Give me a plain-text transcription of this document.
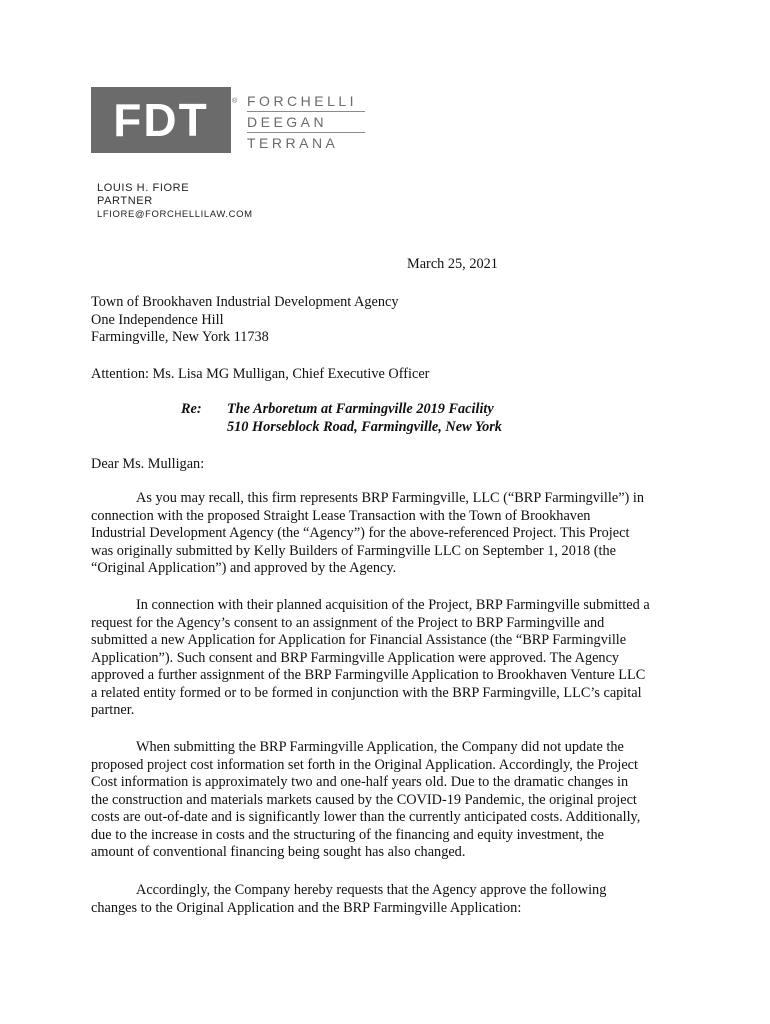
FDT	® FORCHELLI
DEEGAN
TERRANA
LOUIS H. FIORE
PARTNER
LFIORE@FORCHELLILAW.COM
March 25, 2021
Town of Brookhaven Industrial Development Agency
One Independence Hill
Farmingville, New York 11738
Attention: Ms. Lisa MG Mulligan, Chief Executive Officer
Re: The Arboretum at Farmingville 2019 Facility
510 Horseblock Road, Farmingville, New York
Dear Ms. Mulligan:
As you may recall, this firm represents BRP Farmingville, LLC (“BRP Farmingville”) in
connection with the proposed Straight Lease Transaction with the Town of Brookhaven
Industrial Development Agency (the “Agency”) for the above-referenced Project. This Project
was originally submitted by Kelly Builders of Farmingville LLC on September 1, 2018 (the
“Original Application”) and approved by the Agency.
In connection with their planned acquisition of the Project, BRP Farmingville submitted a
request for the Agency’s consent to an assignment of the Project to BRP Farmingville and
submitted a new Application for Application for Financial Assistance (the “BRP Farmingville
Application”). Such consent and BRP Farmingville Application were approved. The Agency
approved a further assignment of the BRP Farmingville Application to Brookhaven Venture LLC
a related entity formed or to be formed in conjunction with the BRP Farmingville, LLC’s capital
partner.
When submitting the BRP Farmingville Application, the Company did not update the
proposed project cost information set forth in the Original Application. Accordingly, the Project
Cost information is approximately two and one-half years old. Due to the dramatic changes in
the construction and materials markets caused by the COVID-19 Pandemic, the original project
costs are out-of-date and is significantly lower than the currently anticipated costs. Additionally,
due to the increase in costs and the structuring of the financing and equity investment, the
amount of conventional financing being sought has also changed.
Accordingly, the Company hereby requests that the Agency approve the following
changes to the Original Application and the BRP Farmingville Application:
